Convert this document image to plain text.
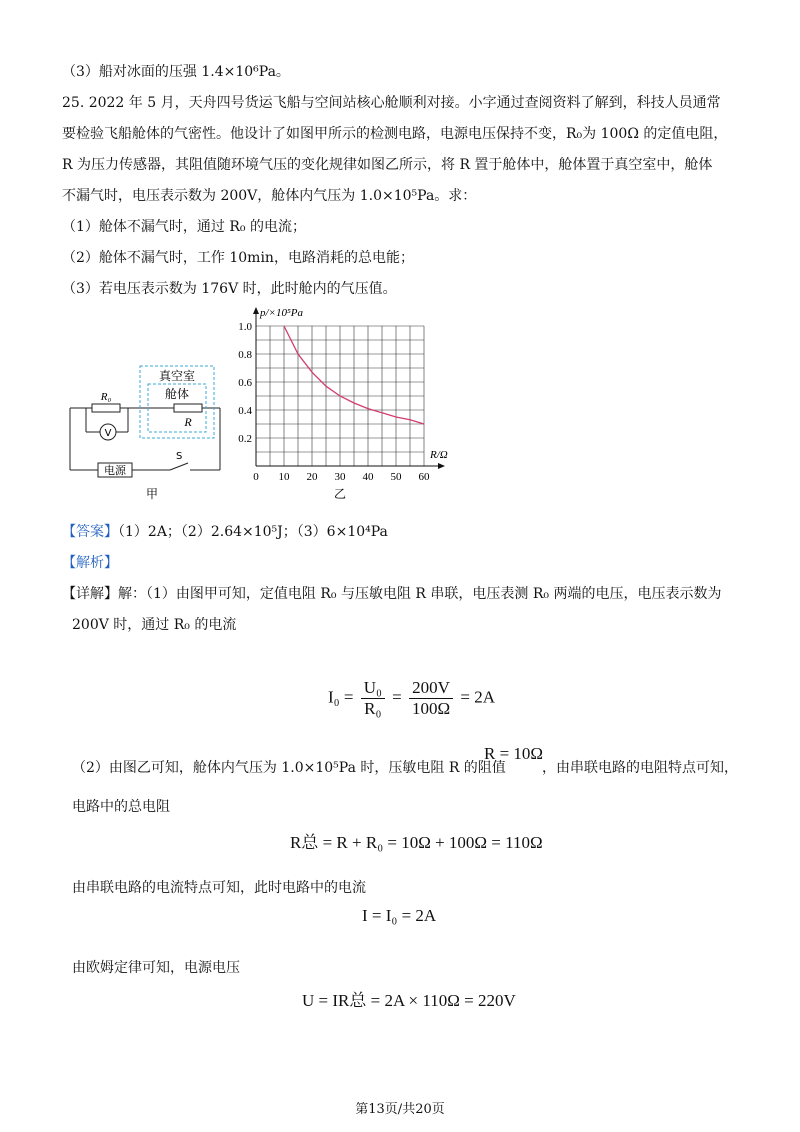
（3）船对冰面的压强 1.4×10⁶Pa。
25. 2022 年 5 月，天舟四号货运飞船与空间站核心舱顺利对接。小字通过查阅资料了解到，科技人员通常
要检验飞船舱体的气密性。他设计了如图甲所示的检测电路，电源电压保持不变，R₀为 100Ω 的定值电阻，
R 为压力传感器，其阻值随环境气压的变化规律如图乙所示，将 R 置于舱体中，舱体置于真空室中，舱体
不漏气时，电压表示数为 200V，舱体内气压为 1.0×10⁵Pa。求：
（1）舱体不漏气时，通过 R₀ 的电流；
（2）舱体不漏气时，工作 10min，电路消耗的总电能；
（3）若电压表示数为 176V 时，此时舱内的气压值。
R₀
真空室
舱体
R
V
电源
S
甲
0 10 20 30 40 50 60
0.2
0.4
0.6
0.8
1.0
p/×10⁵Pa
R/Ω
乙
【答案】（1）2A；（2）2.64×10⁵J；（3）6×10⁴Pa
【解析】
【详解】解：（1）由图甲可知，定值电阻 R₀ 与压敏电阻 R 串联，电压表测 R₀ 两端的电压，电压表示数为
200V 时，通过 R₀ 的电流
$I_0 = \frac{\text{U₀}}{\text{R₀}} = \frac{200V}{100\Omega} = 2A$
（2）由图乙可知，舱体内气压为 1.0×10⁵Pa 时，压敏电阻 R 的阻值
R = 10Ω
，由串联电路的电阻特点可知，
电路中的总电阻
R总 = R + R₀ = 10Ω + 100Ω = 110Ω
由串联电路的电流特点可知，此时电路中的电流
I = I₀ = 2A
由欧姆定律可知，电源电压
U = IR总 = 2A × 110Ω = 220V
第13页/共20页
